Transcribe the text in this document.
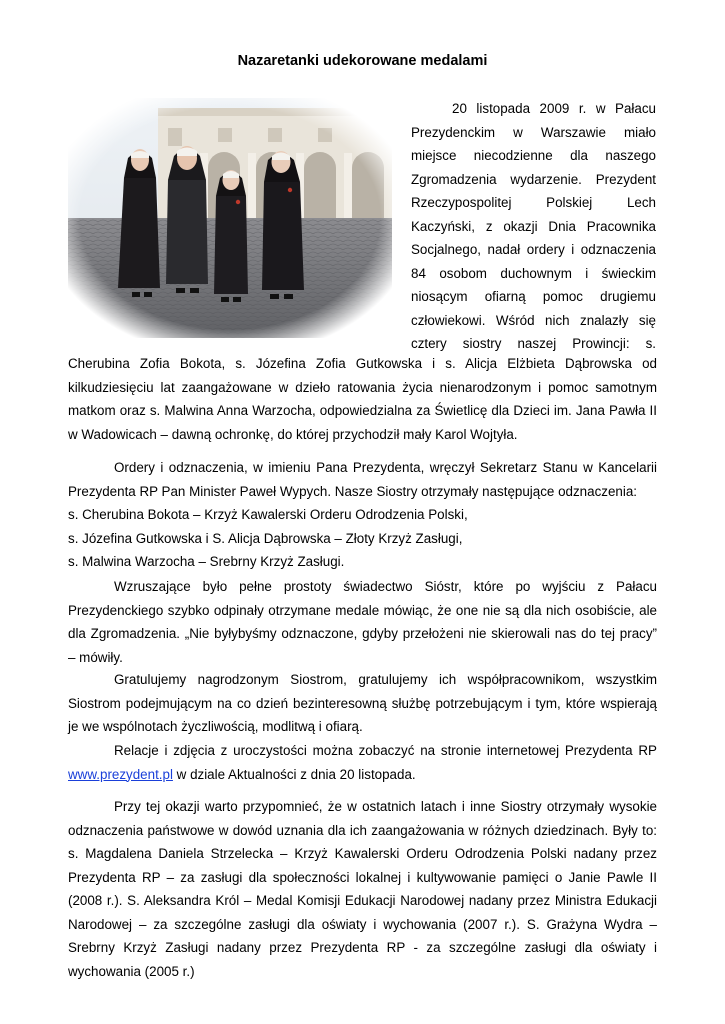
Nazaretanki udekorowane medalami
20 listopada 2009 r. w Pałacu
Prezydenckim w Warszawie miało
miejsce niecodzienne dla naszego
Zgromadzenia wydarzenie. Prezydent
Rzeczypospolitej Polskiej Lech
Kaczyński, z okazji Dnia Pracownika
Socjalnego, nadał ordery i odznaczenia
84 osobom duchownym i świeckim
niosącym ofiarną pomoc drugiemu
człowiekowi. Wśród nich znalazły się
cztery siostry naszej Prowincji: s.
Cherubina Zofia Bokota, s. Józefina Zofia Gutkowska i s. Alicja Elżbieta Dąbrowska od
kilkudziesięciu lat zaangażowane w dzieło ratowania życia nienarodzonym i pomoc samotnym
matkom oraz s. Malwina Anna Warzocha, odpowiedzialna za Świetlicę dla Dzieci im. Jana Pawła II
w Wadowicach – dawną ochronkę, do której przychodził mały Karol Wojtyła.
Ordery i odznaczenia, w imieniu Pana Prezydenta, wręczył Sekretarz Stanu w Kancelarii
Prezydenta RP Pan Minister Paweł Wypych. Nasze Siostry otrzymały następujące odznaczenia:
s. Cherubina Bokota – Krzyż Kawalerski Orderu Odrodzenia Polski,
s. Józefina Gutkowska i S. Alicja Dąbrowska – Złoty Krzyż Zasługi,
s. Malwina Warzocha – Srebrny Krzyż Zasługi.
Wzruszające było pełne prostoty świadectwo Sióstr, które po wyjściu z Pałacu
Prezydenckiego szybko odpinały otrzymane medale mówiąc, że one nie są dla nich osobiście, ale
dla Zgromadzenia. „Nie byłybyśmy odznaczone, gdyby przełożeni nie skierowali nas do tej pracy”
– mówiły.
Gratulujemy nagrodzonym Siostrom, gratulujemy ich współpracownikom, wszystkim
Siostrom podejmującym na co dzień bezinteresowną służbę potrzebującym i tym, które wspierają
je we wspólnotach życzliwością, modlitwą i ofiarą.
Relacje i zdjęcia z uroczystości można zobaczyć na stronie internetowej Prezydenta RP
www.prezydent.pl w dziale Aktualności z dnia 20 listopada.
Przy tej okazji warto przypomnieć, że w ostatnich latach i inne Siostry otrzymały wysokie
odznaczenia państwowe w dowód uznania dla ich zaangażowania w różnych dziedzinach. Były to:
s. Magdalena Daniela Strzelecka – Krzyż Kawalerski Orderu Odrodzenia Polski nadany przez
Prezydenta RP – za zasługi dla społeczności lokalnej i kultywowanie pamięci o Janie Pawle II
(2008 r.). S. Aleksandra Król – Medal Komisji Edukacji Narodowej nadany przez Ministra Edukacji
Narodowej – za szczególne zasługi dla oświaty i wychowania (2007 r.). S. Grażyna Wydra –
Srebrny Krzyż Zasługi nadany przez Prezydenta RP - za szczególne zasługi dla oświaty i
wychowania (2005 r.)
